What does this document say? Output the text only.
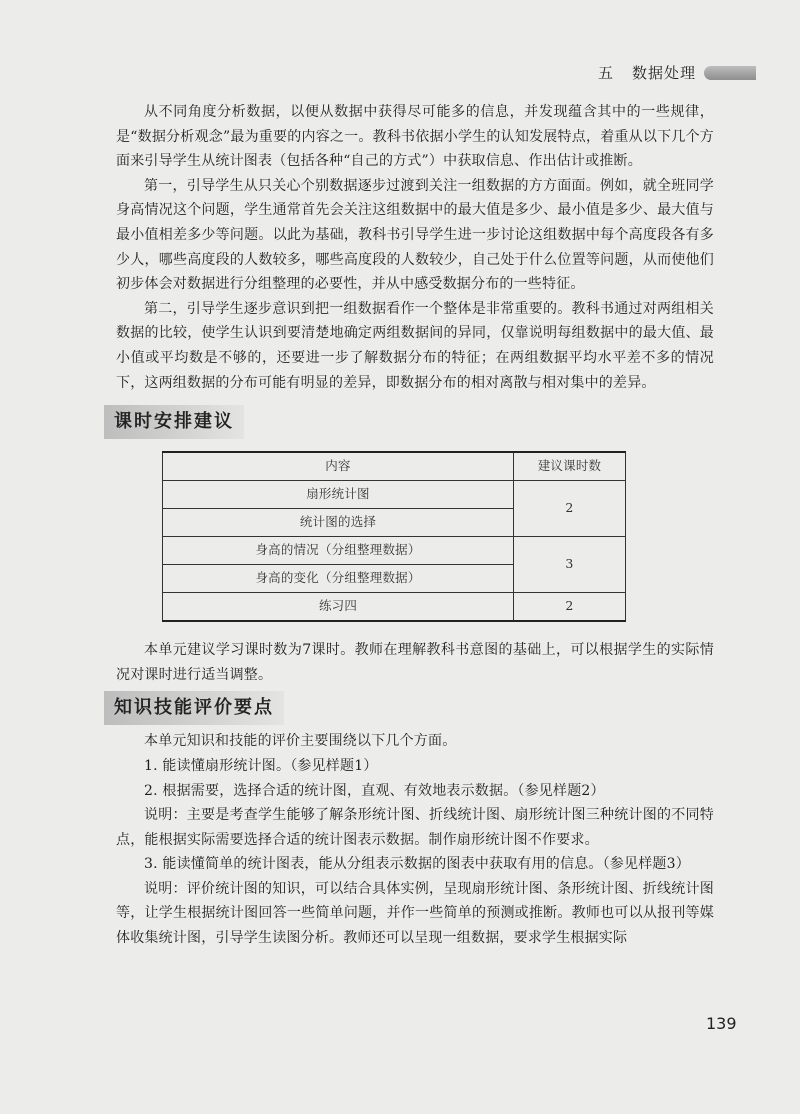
五 数据处理

从不同角度分析数据，以便从数据中获得尽可能多的信息，并发现蕴含其中的一些规律，是“数据分析观念”最为重要的内容之一。教科书依据小学生的认知发展特点，着重从以下几个方面来引导学生从统计图表（包括各种“自己的方式”）中获取信息、作出估计或推断。

第一，引导学生从只关心个别数据逐步过渡到关注一组数据的方方面面。例如，就全班同学身高情况这个问题，学生通常首先会关注这组数据中的最大值是多少、最小值是多少、最大值与最小值相差多少等问题。以此为基础，教科书引导学生进一步讨论这组数据中每个高度段各有多少人，哪些高度段的人数较多，哪些高度段的人数较少，自己处于什么位置等问题，从而使他们初步体会对数据进行分组整理的必要性，并从中感受数据分布的一些特征。

第二，引导学生逐步意识到把一组数据看作一个整体是非常重要的。教科书通过对两组相关数据的比较，使学生认识到要清楚地确定两组数据间的异同，仅靠说明每组数据中的最大值、最小值或平均数是不够的，还要进一步了解数据分布的特征；在两组数据平均水平差不多的情况下，这两组数据的分布可能有明显的差异，即数据分布的相对离散与相对集中的差异。

课时安排建议
内容	建议课时数
扇形统计图	2
统计图的选择	
身高的情况（分组整理数据）	3
身高的变化（分组整理数据）	
练习四	2

本单元建议学习课时数为7课时。教师在理解教科书意图的基础上，可以根据学生的实际情况对课时进行适当调整。

知识技能评价要点

本单元知识和技能的评价主要围绕以下几个方面。

1. 能读懂扇形统计图。（参见样题1）

2. 根据需要，选择合适的统计图，直观、有效地表示数据。（参见样题2）

说明：主要是考查学生能够了解条形统计图、折线统计图、扇形统计图三种统计图的不同特点，能根据实际需要选择合适的统计图表示数据。制作扇形统计图不作要求。

3. 能读懂简单的统计图表，能从分组表示数据的图表中获取有用的信息。（参见样题3）

说明：评价统计图的知识，可以结合具体实例，呈现扇形统计图、条形统计图、折线统计图等，让学生根据统计图回答一些简单问题，并作一些简单的预测或推断。教师也可以从报刊等媒体收集统计图，引导学生读图分析。教师还可以呈现一组数据，要求学生根据实际

139
